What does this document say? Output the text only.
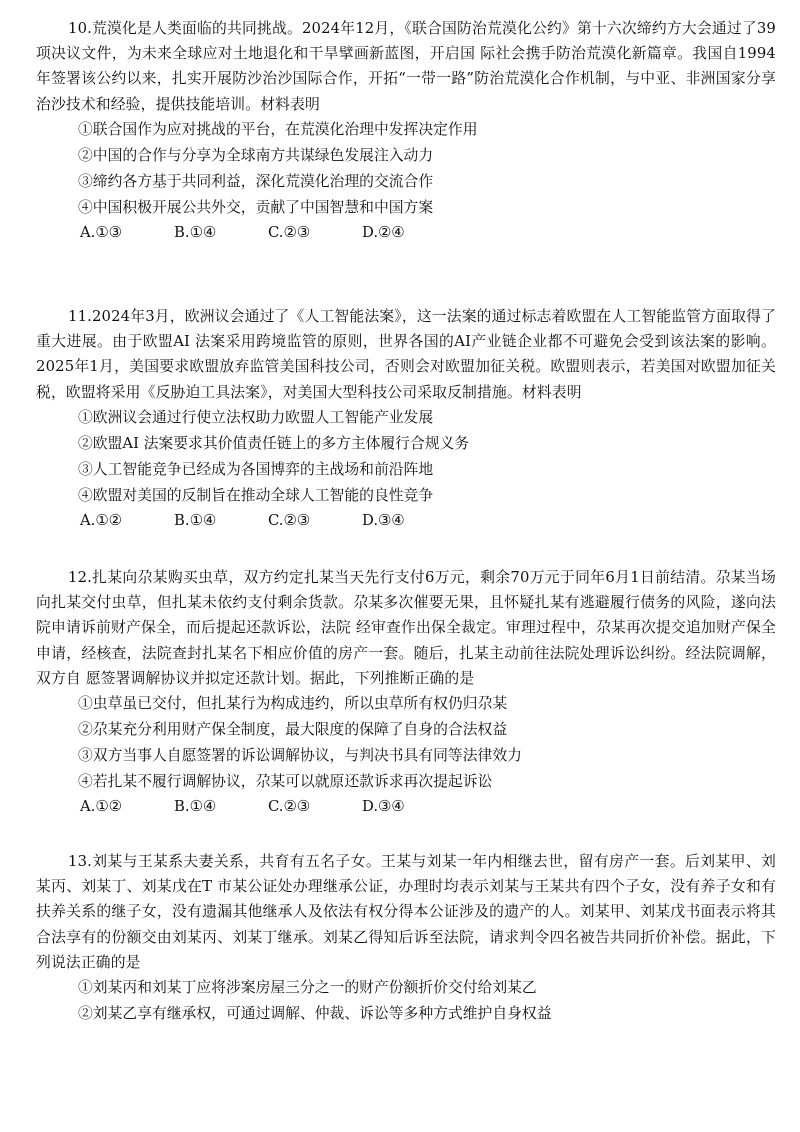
10.荒漠化是人类面临的共同挑战。2024年12月，《联合国防治荒漠化公约》第十六次缔约方大会通过了39项决议文件，为未来全球应对土地退化和干旱擘画新蓝图，开启国 际社会携手防治荒漠化新篇章。我国自1994年签署该公约以来，扎实开展防沙治沙国际合作，开拓“一带一路”防治荒漠化合作机制，与中亚、非洲国家分享治沙技术和经验，提供技能培训。材料表明

①联合国作为应对挑战的平台，在荒漠化治理中发挥决定作用

②中国的合作与分享为全球南方共谋绿色发展注入动力

③缔约各方基于共同利益，深化荒漠化治理的交流合作

④中国积极开展公共外交，贡献了中国智慧和中国方案

A.①③	B.①④	C.②③	D.②④

11.2024年3月，欧洲议会通过了《人工智能法案》，这一法案的通过标志着欧盟在人工智能监管方面取得了重大进展。由于欧盟AI 法案采用跨境监管的原则，世界各国的AI产业链企业都不可避免会受到该法案的影响。2025年1月，美国要求欧盟放弃监管美国科技公司，否则会对欧盟加征关税。欧盟则表示，若美国对欧盟加征关税，欧盟将采用《反胁迫工具法案》，对美国大型科技公司采取反制措施。材料表明

①欧洲议会通过行使立法权助力欧盟人工智能产业发展

②欧盟AI 法案要求其价值责任链上的多方主体履行合规义务

③人工智能竞争已经成为各国博弈的主战场和前沿阵地

④欧盟对美国的反制旨在推动全球人工智能的良性竞争

A.①②	B.①④	C.②③	D.③④

12.扎某向尕某购买虫草，双方约定扎某当天先行支付6万元，剩余70万元于同年6月1日前结清。尕某当场向扎某交付虫草，但扎某未依约支付剩余货款。尕某多次催要无果，且怀疑扎某有逃避履行债务的风险，遂向法院申请诉前财产保全，而后提起还款诉讼，法院 经审查作出保全裁定。审理过程中，尕某再次提交追加财产保全申请，经核查，法院查封扎某名下相应价值的房产一套。随后，扎某主动前往法院处理诉讼纠纷。经法院调解，双方自 愿签署调解协议并拟定还款计划。据此，下列推断正确的是

①虫草虽已交付，但扎某行为构成违约，所以虫草所有权仍归尕某

②尕某充分利用财产保全制度，最大限度的保障了自身的合法权益

③双方当事人自愿签署的诉讼调解协议，与判决书具有同等法律效力

④若扎某不履行调解协议，尕某可以就原还款诉求再次提起诉讼

A.①②	B.①④	C.②③	D.③④

13.刘某与王某系夫妻关系，共育有五名子女。王某与刘某一年内相继去世，留有房产一套。后刘某甲、刘某丙、刘某丁、刘某戊在T 市某公证处办理继承公证，办理时均表示刘某与王某共有四个子女，没有养子女和有扶养关系的继子女，没有遗漏其他继承人及依法有权分得本公证涉及的遗产的人。刘某甲、刘某戊书面表示将其合法享有的份额交由刘某丙、刘某丁继承。刘某乙得知后诉至法院，请求判令四名被告共同折价补偿。据此，下列说法正确的是

①刘某丙和刘某丁应将涉案房屋三分之一的财产份额折价交付给刘某乙

②刘某乙享有继承权，可通过调解、仲裁、诉讼等多种方式维护自身权益
